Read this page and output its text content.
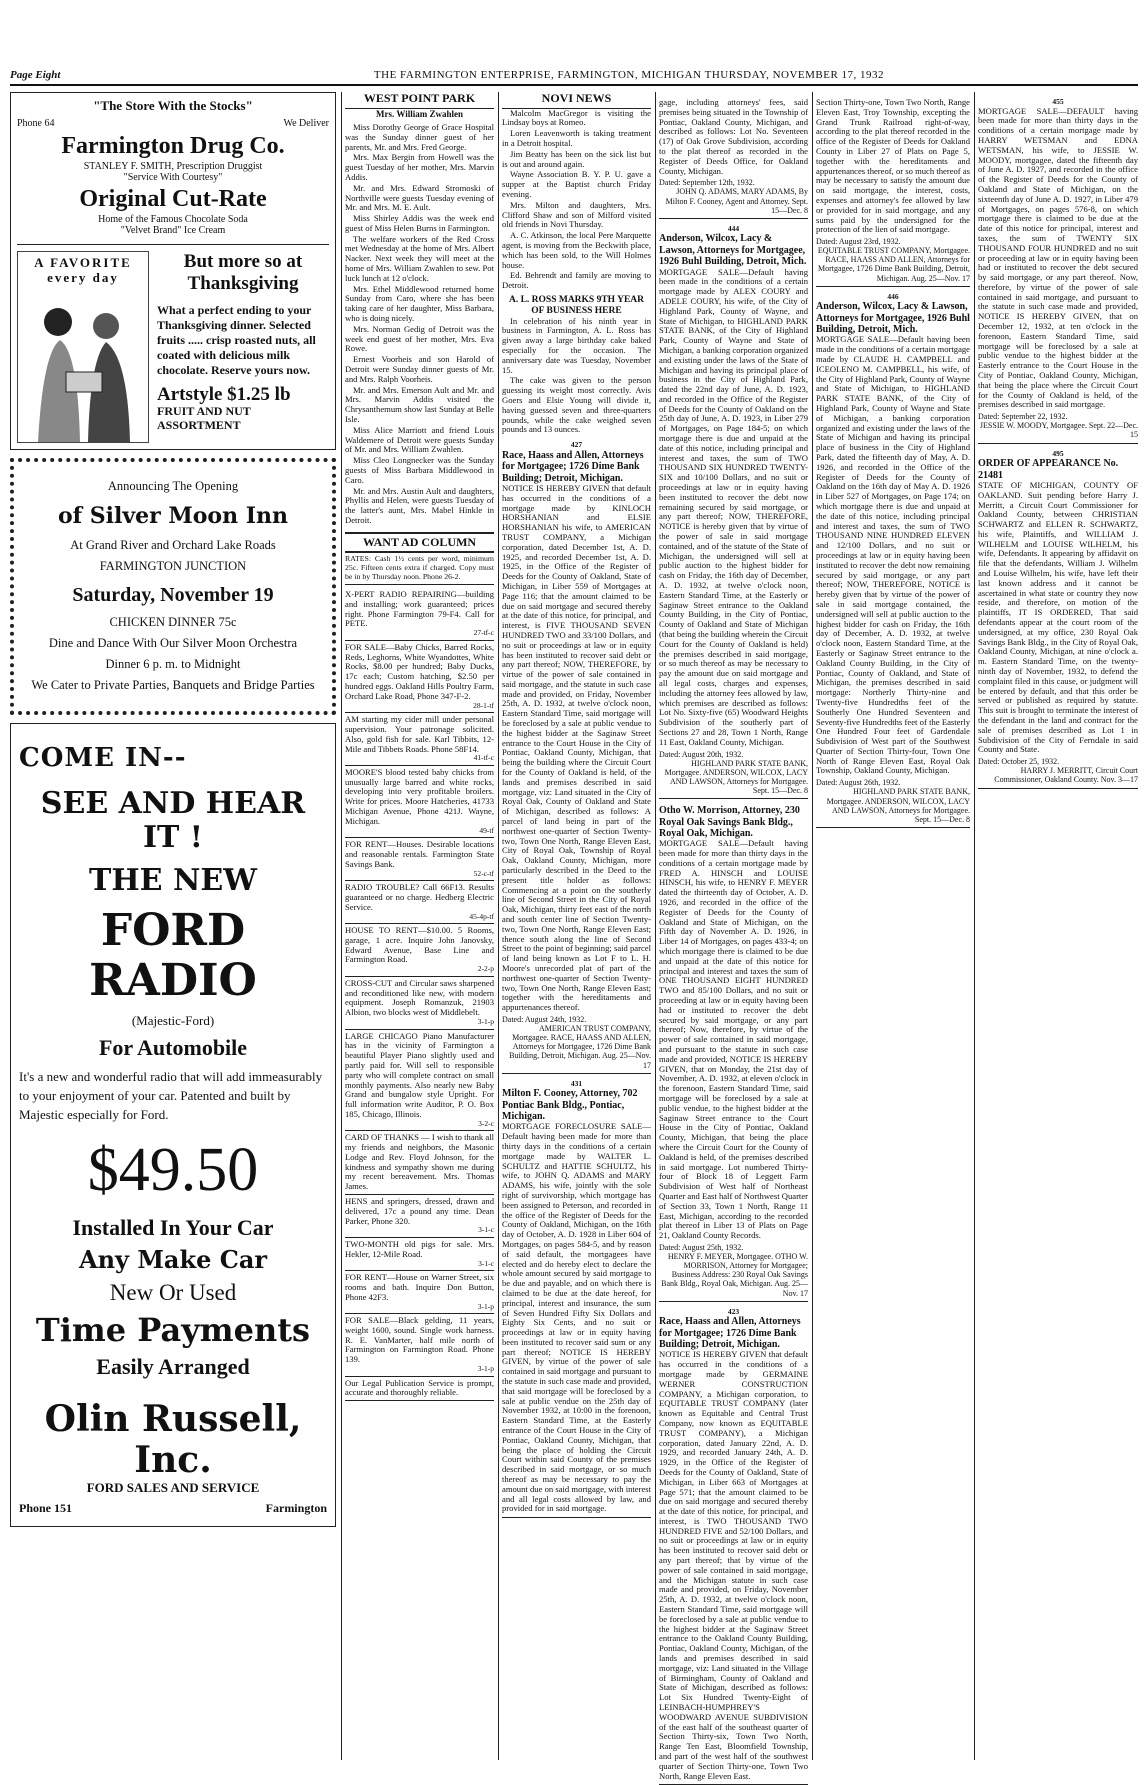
Page Eight	THE FARMINGTON ENTERPRISE, FARMINGTON, MICHIGAN THURSDAY, NOVEMBER 17, 1932
"The Store With the Stocks"
Phone 64	We Deliver
Farmington Drug Co.
STANLEY F. SMITH, Prescription Druggist
"Service With Courtesy"
Original Cut-Rate
Home of the Famous Chocolate Soda
"Velvet Brand" Ice Cream
A FAVORITE every day
But more so at
Thanksgiving
What a perfect ending to your Thanksgiving dinner. Selected fruits ..... crisp roasted nuts, all coated with delicious milk chocolate. Reserve yours now.
Artstyle $1.25 lb
FRUIT AND NUT ASSORTMENT
Announcing The Opening
of Silver Moon Inn
At Grand River and Orchard Lake Roads
FARMINGTON JUNCTION
Saturday, November 19
CHICKEN DINNER 75c
Dine and Dance With Our Silver Moon Orchestra
Dinner 6 p. m. to Midnight
We Cater to Private Parties, Banquets and Bridge Parties
COME IN--
SEE AND HEAR IT !
THE NEW
FORD RADIO
(Majestic-Ford)
For Automobile
It's a new and wonderful radio that will add immeasurably to your enjoyment of your car. Patented and built by Majestic especially for Ford.
$49.50
Installed In Your Car
Any Make Car
New Or Used
Time Payments
Easily Arranged
Olin Russell, Inc.
FORD SALES AND SERVICE
Phone 151	Farmington
WEST POINT PARK
Mrs. William Zwahlen

Miss Dorothy George of Grace Hospital was the Sunday dinner guest of her parents, Mr. and Mrs. Fred George.

Mrs. Max Bergin from Howell was the guest Tuesday of her mother, Mrs. Marvin Addis.

Mr. and Mrs. Edward Stromoski of Northville were guests Tuesday evening of Mr. and Mrs. M. E. Ault.

Miss Shirley Addis was the week end guest of Miss Helen Burns in Farmington.

The welfare workers of the Red Cross met Wednesday at the home of Mrs. Albert Nacker. Next week they will meet at the home of Mrs. William Zwahlen to sew. Pot luck lunch at 12 o'clock.

Mrs. Ethel Middlewood returned home Sunday from Caro, where she has been taking care of her daughter, Miss Barbara, who is doing nicely.

Mrs. Norman Gedig of Detroit was the week end guest of her mother, Mrs. Eva Rowe.

Ernest Voorheis and son Harold of Detroit were Sunday dinner guests of Mr. and Mrs. Ralph Voorheis.

Mr. and Mrs. Emerson Ault and Mr. and Mrs. Marvin Addis visited the Chrysanthemum show last Sunday at Belle Isle.

Miss Alice Marriott and friend Louis Waldemere of Detroit were guests Sunday of Mr. and Mrs. William Zwahlen.

Miss Cleo Longnecker was the Sunday guests of Miss Barbara Middlewood in Caro.

Mr. and Mrs. Austin Ault and daughters, Phyllis and Helen, were guests Tuesday of the latter's aunt, Mrs. Mabel Hinkle in Detroit.

WANT AD COLUMN
RATES: Cash 1½ cents per word, minimum 25c. Fifteen cents extra if charged. Copy must be in by Thursday noon. Phone 26-2.
X-PERT RADIO REPAIRING—building and installing; work guaranteed; prices right. Phone Farmington 79-F4. Call for PETE.
27-tf-c
FOR SALE—Baby Chicks, Barred Rocks, Reds, Leghorns, White Wyandottes, White Rocks, $8.00 per hundred; Baby Ducks, 17c each; Custom hatching, $2.50 per hundred eggs. Oakland Hills Poultry Farm, Orchard Lake Road, Phone 347-F-2.
28-1-tf
AM starting my cider mill under personal supervision. Your patronage solicited. Also, gold fish for sale. Karl Tibbits, 12-Mile and Tibbets Roads. Phone 58F14.
41-tf-c
MOORE'S blood tested baby chicks from unusually large barred and white rocks, developing into very profitable broilers. Write for prices. Moore Hatcheries, 41733 Michigan Avenue, Phone 421J. Wayne, Michigan.
49-tf
FOR RENT—Houses. Desirable locations and reasonable rentals. Farmington State Savings Bank.
52-c-tf
RADIO TROUBLE? Call 66F13. Results guaranteed or no charge. Hedberg Electric Service.
45-4p-tf
HOUSE TO RENT—$10.00. 5 Rooms, garage, 1 acre. Inquire John Janovsky, Edward Avenue, Base Line and Farmington Road.
2-2-p
CROSS-CUT and Circular saws sharpened and reconditioned like new, with modern equipment. Joseph Romanzuk, 21903 Albion, two blocks west of Middlebelt.
3-1-p
LARGE CHICAGO Piano Manufacturer has in the vicinity of Farmington a beautiful Player Piano slightly used and partly paid for. Will sell to responsible party who will complete contract on small monthly payments. Also nearly new Baby Grand and bungalow style Upright. For full information write Auditor, P. O. Box 185, Chicago, Illinois.
3-2-c
CARD OF THANKS — I wish to thank all my friends and neighbors, the Masonic Lodge and Rev. Floyd Johnson, for the kindness and sympathy shown me during my recent bereavement. Mrs. Thomas James.
HENS and springers, dressed, drawn and delivered, 17c a pound any time. Dean Parker, Phone 320.
3-1-c
TWO-MONTH old pigs for sale. Mrs. Hekler, 12-Mile Road.
3-1-c
FOR RENT—House on Warner Street, six rooms and bath. Inquire Don Button, Phone 42F3.
3-1-p
FOR SALE—Black gelding, 11 years, weight 1600, sound. Single work harness. R. E. VanMarter, half mile north of Farmington on Farmington Road. Phone 139.
3-1-p
Our Legal Publication Service is prompt, accurate and thoroughly reliable.
NOVI NEWS

Malcolm MacGregor is visiting the Lindsay boys at Romeo.

Loren Leavenworth is taking treatment in a Detroit hospital.

Jim Beatty has been on the sick list but is out and around again.

Wayne Association B. Y. P. U. gave a supper at the Baptist church Friday evening.

Mrs. Milton and daughters, Mrs. Clifford Shaw and son of Milford visited old friends in Novi Thursday.

A. C. Atkinson, the local Pere Marquette agent, is moving from the Beckwith place, which has been sold, to the Will Holmes house.

Ed. Behrendt and family are moving to Detroit.

A. L. ROSS MARKS 9TH YEAR OF BUSINESS HERE

In celebration of his ninth year in business in Farmington, A. L. Ross has given away a large birthday cake baked especially for the occasion. The anniversary date was Tuesday, November 15.

The cake was given to the person guessing its weight most correctly. Avis Goers and Elsie Young will divide it, having guessed seven and three-quarters pounds, while the cake weighed seven pounds and 13 ounces.

427
Race, Haass and Allen, Attorneys for Mortgagee; 1726 Dime Bank Building; Detroit, Michigan.
NOTICE IS HEREBY GIVEN that default has occurred in the conditions of a mortgage made by KINLOCH HORSHANIAN and ELSIE HORSHANIAN his wife, to AMERICAN TRUST COMPANY, a Michigan corporation, dated December 1st, A. D. 1925, and recorded December 1st, A. D. 1925, in the Office of the Register of Deeds for the County of Oakland, State of Michigan, in Liber 559 of Mortgages at Page 116; that the amount claimed to be due on said mortgage and secured thereby at the date of this notice, for principal, and interest, is FIVE THOUSAND SEVEN HUNDRED TWO and 33/100 Dollars, and no suit or proceedings at law or in equity has been instituted to recover said debt or any part thereof; NOW, THEREFORE, by virtue of the power of sale contained in said mortgage, and the statute in such case made and provided, on Friday, November 25th, A. D. 1932, at twelve o'clock noon, Eastern Standard Time, said mortgage will be foreclosed by a sale at public vendue to the highest bidder at the Saginaw Street entrance to the Court House in the City of Pontiac, Oakland County, Michigan, that being the building where the Circuit Court for the County of Oakland is held, of the lands and premises described in said mortgage, viz: Land situated in the City of Royal Oak, County of Oakland and State of Michigan, described as follows: A parcel of land being in part of the northwest one-quarter of Section Twenty-two, Town One North, Range Eleven East, City of Royal Oak, Township of Royal Oak, Oakland County, Michigan, more particularly described in the Deed to the present title holder as follows: Commencing at a point on the southerly line of Second Street in the City of Royal Oak, Michigan, thirty feet east of the north and south center line of Section Twenty-two, Town One North, Range Eleven East; thence south along the line of Second Street to the point of beginning; said parcel of land being known as Lot F to L. H. Moore's unrecorded plat of part of the northwest one-quarter of Section Twenty-two, Town One North, Range Eleven East; together with the hereditaments and appurtenances thereof.
Dated: August 24th, 1932.
AMERICAN TRUST COMPANY, Mortgagee. RACE, HAASS AND ALLEN, Attorneys for Mortgagee, 1726 Dime Bank Building, Detroit, Michigan. Aug. 25—Nov. 17
431
Milton F. Cooney, Attorney, 702 Pontiac Bank Bldg., Pontiac, Michigan.
MORTGAGE FORECLOSURE SALE—Default having been made for more than thirty days in the conditions of a certain mortgage made by WALTER L. SCHULTZ and HATTIE SCHULTZ, his wife, to JOHN Q. ADAMS and MARY ADAMS, his wife, jointly with the sole right of survivorship, which mortgage has been assigned to Peterson, and recorded in the office of the Register of Deeds for the County of Oakland, Michigan, on the 16th day of October, A. D. 1928 in Liber 604 of Mortgages, on pages 584-5, and by reason of said default, the mortgagees have elected and do hereby elect to declare the whole amount secured by said mortgage to be due and payable, and on which there is claimed to be due at the date hereof, for principal, interest and insurance, the sum of Seven Hundred Fifty Six Dollars and Eighty Six Cents, and no suit or proceedings at law or in equity having been instituted to recover said sum or any part thereof; NOTICE IS HEREBY GIVEN, by virtue of the power of sale contained in said mortgage and pursuant to the statute in such case made and provided, that said mortgage will be foreclosed by a sale at public vendue on the 25th day of November 1932, at 10:00 in the forenoon, Eastern Standard Time, at the Easterly entrance of the Court House in the City of Pontiac, Oakland County, Michigan, that being the place of holding the Circuit Court within said County of the premises described in said mortgage, or so much thereof as may be necessary to pay the amount due on said mortgage, with interest and all legal costs allowed by law, and provided for in said mortgage.
gage, including attorneys' fees, said premises being situated in the Township of Pontiac, Oakland County, Michigan, and described as follows: Lot No. Seventeen (17) of Oak Grove Subdivision, according to the plat thereof as recorded in the Register of Deeds Office, for Oakland County, Michigan.
Dated: September 12th, 1932.
JOHN Q. ADAMS, MARY ADAMS, By Milton F. Cooney, Agent and Attorney. Sept. 15—Dec. 8
444
Anderson, Wilcox, Lacy & Lawson, Attorneys for Mortgagee, 1926 Buhl Building, Detroit, Mich.
MORTGAGE SALE—Default having been made in the conditions of a certain mortgage made by ALEX COURY and ADELE COURY, his wife, of the City of Highland Park, County of Wayne, and State of Michigan, to HIGHLAND PARK STATE BANK, of the City of Highland Park, County of Wayne and State of Michigan, a banking corporation organized and existing under the laws of the State of Michigan and having its principal place of business in the City of Highland Park, dated the 22nd day of June, A. D. 1923, and recorded in the Office of the Register of Deeds for the County of Oakland on the 25th day of June, A. D. 1923, in Liber 279 of Mortgages, on Page 184-5; on which mortgage there is due and unpaid at the date of this notice, including principal and interest and taxes, the sum of TWO THOUSAND SIX HUNDRED TWENTY-SIX and 10/100 Dollars, and no suit or proceedings at law or in equity having been instituted to recover the debt now remaining secured by said mortgage, or any part thereof; NOW, THEREFORE, NOTICE is hereby given that by virtue of the power of sale in said mortgage contained, and of the statute of the State of Michigan, the undersigned will sell at public auction to the highest bidder for cash on Friday, the 16th day of December, A. D. 1932, at twelve o'clock noon, Eastern Standard Time, at the Easterly or Saginaw Street entrance to the Oakland County Building, in the City of Pontiac, County of Oakland and State of Michigan (that being the building wherein the Circuit Court for the County of Oakland is held) the premises described in said mortgage, or so much thereof as may be necessary to pay the amount due on said mortgage and all legal costs, charges and expenses, including the attorney fees allowed by law, which premises are described as follows: Lot No. Sixty-five (65) Woodward Heights Subdivision of the southerly part of Sections 27 and 28, Town 1 North, Range 11 East, Oakland County, Michigan.
Dated: August 20th, 1932.
HIGHLAND PARK STATE BANK, Mortgagee. ANDERSON, WILCOX, LACY AND LAWSON, Attorneys for Mortgagee. Sept. 15—Dec. 8
Otho W. Morrison, Attorney, 230 Royal Oak Savings Bank Bldg., Royal Oak, Michigan.
MORTGAGE SALE—Default having been made for more than thirty days in the conditions of a certain mortgage made by FRED A. HINSCH and LOUISE HINSCH, his wife, to HENRY F. MEYER dated the thirteenth day of October, A. D. 1926, and recorded in the office of the Register of Deeds for the County of Oakland and State of Michigan, on the Fifth day of November A. D. 1926, in Liber 14 of Mortgages, on pages 433-4; on which mortgage there is claimed to be due and unpaid at the date of this notice for principal and interest and taxes the sum of ONE THOUSAND EIGHT HUNDRED TWO and 85/100 Dollars, and no suit or proceeding at law or in equity having been had or instituted to recover the debt secured by said mortgage, or any part thereof; Now, therefore, by virtue of the power of sale contained in said mortgage, and pursuant to the statute in such case made and provided, NOTICE IS HEREBY GIVEN, that on Monday, the 21st day of November, A. D. 1932, at eleven o'clock in the forenoon, Eastern Standard Time, said mortgage will be foreclosed by a sale at public vendue, to the highest bidder at the Saginaw Street entrance to the Court House in the City of Pontiac, Oakland County, Michigan, that being the place where the Circuit Court for the County of Oakland is held, of the premises described in said mortgage. Lot numbered Thirty-four of Block 18 of Leggett Farm Subdivision of West half of Northeast Quarter and East half of Northwest Quarter of Section 33, Town 1 North, Range 11 East, Michigan, according to the recorded plat thereof in Liber 13 of Plats on Page 21, Oakland County Records.
Dated: August 25th, 1932.
HENRY F. MEYER, Mortgagee. OTHO W. MORRISON, Attorney for Mortgagee; Business Address: 230 Royal Oak Savings Bank Bldg., Royal Oak, Michigan. Aug. 25—Nov. 17
423
Race, Haass and Allen, Attorneys for Mortgagee; 1726 Dime Bank Building; Detroit, Michigan.
NOTICE IS HEREBY GIVEN that default has occurred in the conditions of a mortgage made by GERMAINE WERNER CONSTRUCTION COMPANY, a Michigan corporation, to EQUITABLE TRUST COMPANY (later known as Equitable and Central Trust Company, now known as EQUITABLE TRUST COMPANY), a Michigan corporation, dated January 22nd, A. D. 1929, and recorded January 24th, A. D. 1929, in the Office of the Register of Deeds for the County of Oakland, State of Michigan, in Liber 663 of Mortgages at Page 571; that the amount claimed to be due on said mortgage and secured thereby at the date of this notice, for principal, and interest, is TWO THOUSAND TWO HUNDRED FIVE and 52/100 Dollars, and no suit or proceedings at law or in equity has been instituted to recover said debt or any part thereof; that by virtue of the power of sale contained in said mortgage, and the Michigan statute in such case made and provided, on Friday, November 25th, A. D. 1932, at twelve o'clock noon, Eastern Standard Time, said mortgage will be foreclosed by a sale at public vendue to the highest bidder at the Saginaw Street entrance to the Oakland County Building, Pontiac, Oakland County, Michigan, of the lands and premises described in said mortgage, viz: Land situated in the Village of Birmingham, County of Oakland and State of Michigan, described as follows: Lot Six Hundred Twenty-Eight of LEINBACH-HUMPHREY'S WOODWARD AVENUE SUBDIVISION of the east half of the southeast quarter of Section Thirty-six, Town Two North, Range Ten East, Bloomfield Township, and part of the west half of the southwest quarter of Section Thirty-one, Town Two North, Range Eleven East.
Section Thirty-one, Town Two North, Range Eleven East, Troy Township, excepting the Grand Trunk Railroad right-of-way, according to the plat thereof recorded in the office of the Register of Deeds for Oakland County in Liber 27 of Plats on Page 5, together with the hereditaments and appurtenances thereof, or so much thereof as may be necessary to satisfy the amount due on said mortgage, the interest, costs, expenses and attorney's fee allowed by law or provided for in said mortgage, and any sums paid by the undersigned for the protection of the lien of said mortgage.
Dated: August 23rd, 1932.
EQUITABLE TRUST COMPANY, Mortgagee. RACE, HAASS AND ALLEN, Attorneys for Mortgagee, 1726 Dime Bank Building, Detroit, Michigan. Aug. 25—Nov. 17
446
Anderson, Wilcox, Lacy & Lawson, Attorneys for Mortgagee, 1926 Buhl Building, Detroit, Mich.
MORTGAGE SALE—Default having been made in the conditions of a certain mortgage made by CLAUDE H. CAMPBELL and ICEOLENO M. CAMPBELL, his wife, of the City of Highland Park, County of Wayne and State of Michigan, to HIGHLAND PARK STATE BANK, of the City of Highland Park, County of Wayne and State of Michigan, a banking corporation organized and existing under the laws of the State of Michigan and having its principal place of business in the City of Highland Park, dated the fifteenth day of May, A. D. 1926, and recorded in the Office of the Register of Deeds for the County of Oakland on the 16th day of May A. D. 1926 in Liber 527 of Mortgages, on Page 174; on which mortgage there is due and unpaid at the date of this notice, including principal and interest and taxes, the sum of TWO THOUSAND NINE HUNDRED ELEVEN and 12/100 Dollars, and no suit or proceedings at law or in equity having been instituted to recover the debt now remaining secured by said mortgage, or any part thereof; NOW, THEREFORE, NOTICE is hereby given that by virtue of the power of sale in said mortgage contained, the undersigned will sell at public auction to the highest bidder for cash on Friday, the 16th day of December, A. D. 1932, at twelve o'clock noon, Eastern Standard Time, at the Easterly or Saginaw Street entrance to the Oakland County Building, in the City of Pontiac, County of Oakland, and State of Michigan, the premises described in said mortgage: Northerly Thirty-nine and Twenty-five Hundredths feet of the Southerly One Hundred Seventeen and Seventy-five Hundredths feet of the Easterly One Hundred Four feet of Gardendale Subdivision of West part of the Southwest Quarter of Section Thirty-four, Town One North of Range Eleven East, Royal Oak Township, Oakland County, Michigan.
Dated: August 26th, 1932.
HIGHLAND PARK STATE BANK, Mortgagee. ANDERSON, WILCOX, LACY AND LAWSON, Attorneys for Mortgagee. Sept. 15—Dec. 8
455
MORTGAGE SALE—DEFAULT having been made for more than thirty days in the conditions of a certain mortgage made by HARRY WETSMAN and EDNA WETSMAN, his wife, to JESSIE W. MOODY, mortgagee, dated the fifteenth day of June A. D. 1927, and recorded in the office of the Register of Deeds for the County of Oakland and State of Michigan, on the sixteenth day of June A. D. 1927, in Liber 479 of Mortgages, on pages 576-8, on which mortgage there is claimed to be due at the date of this notice for principal, interest and taxes, the sum of TWENTY SIX THOUSAND FOUR HUNDRED and no suit or proceeding at law or in equity having been had or instituted to recover the debt secured by said mortgage, or any part thereof. Now, therefore, by virtue of the power of sale contained in said mortgage, and pursuant to the statute in such case made and provided, NOTICE IS HEREBY GIVEN, that on December 12, 1932, at ten o'clock in the forenoon, Eastern Standard Time, said mortgage will be foreclosed by a sale at public vendue to the highest bidder at the Easterly entrance to the Court House in the City of Pontiac, Oakland County, Michigan, that being the place where the Circuit Court for the County of Oakland is held, of the premises described in said mortgage.
Dated: September 22, 1932.
JESSIE W. MOODY, Mortgagee. Sept. 22—Dec. 15
495
ORDER OF APPEARANCE No. 21481
STATE OF MICHIGAN, COUNTY OF OAKLAND. Suit pending before Harry J. Merritt, a Circuit Court Commissioner for Oakland County, between CHRISTIAN SCHWARTZ and ELLEN R. SCHWARTZ, his wife, Plaintiffs, and WILLIAM J. WILHELM and LOUISE WILHELM, his wife, Defendants. It appearing by affidavit on file that the defendants, William J. Wilhelm and Louise Wilhelm, his wife, have left their last known address and it cannot be ascertained in what state or country they now reside, and therefore, on motion of the plaintiffs, IT IS ORDERED, That said defendants appear at the court room of the undersigned, at my office, 230 Royal Oak Savings Bank Bldg., in the City of Royal Oak, Oakland County, Michigan, at nine o'clock a. m. Eastern Standard Time, on the twenty-ninth day of November, 1932, to defend the complaint filed in this cause, or judgment will be entered by default, and that this order be served or published as required by statute. This suit is brought to terminate the interest of the defendant in the land and contract for the sale of premises described as Lot 1 in Subdivision of the City of Ferndale in said County and State.
Dated: October 25, 1932.
HARRY J. MERRITT, Circuit Court Commissioner, Oakland County. Nov. 3—17
